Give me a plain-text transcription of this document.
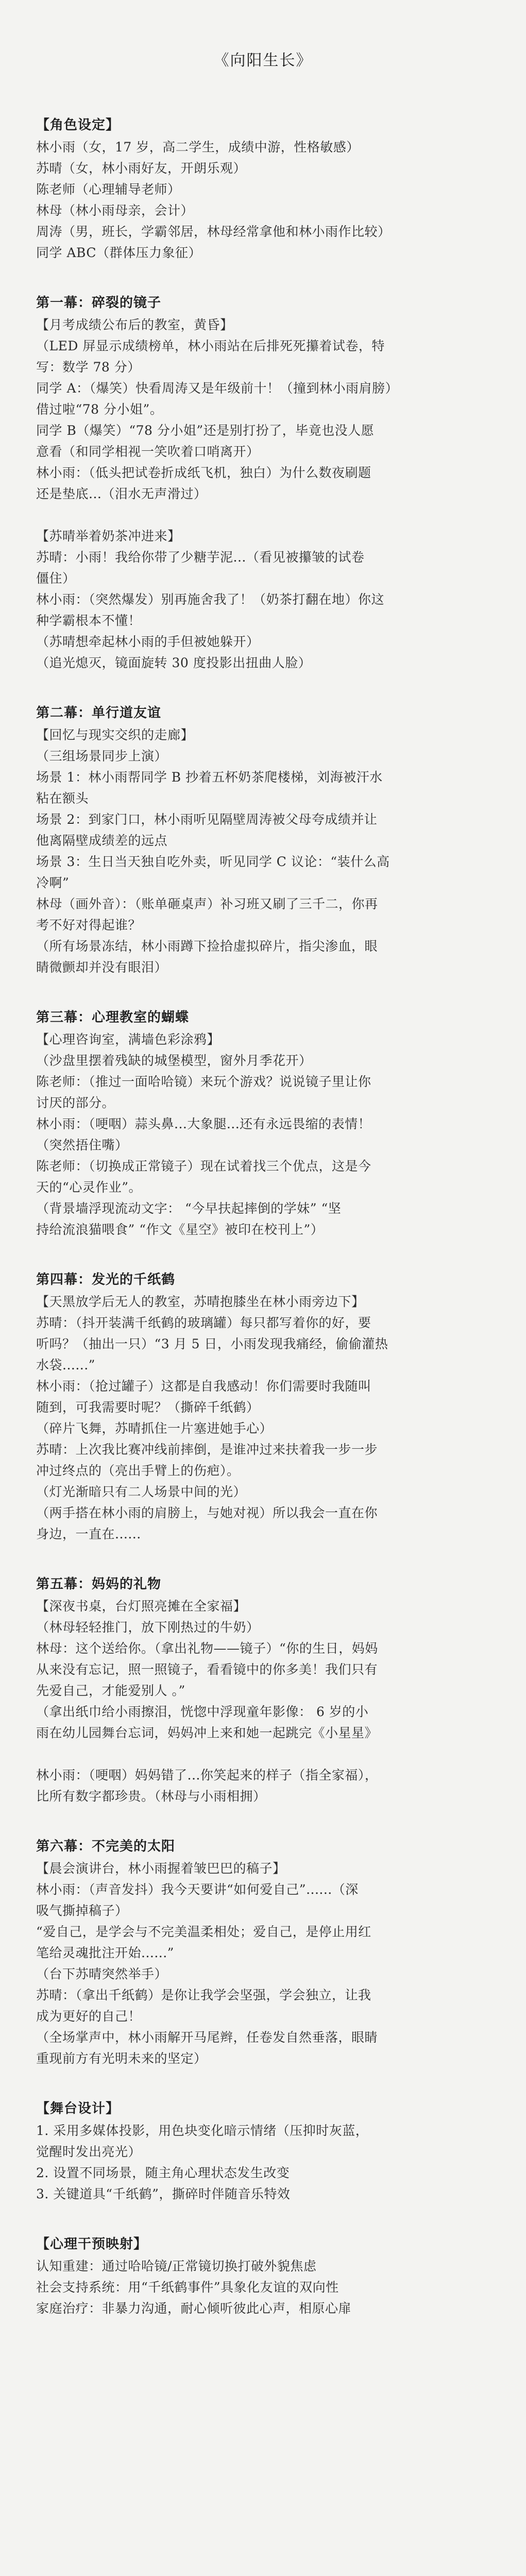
《向阳生长》
【角色设定】
林小雨（女，17 岁，高二学生，成绩中游，性格敏感）
苏晴（女，林小雨好友，开朗乐观）
陈老师（心理辅导老师）
林母（林小雨母亲，会计）
周涛（男，班长，学霸邻居，林母经常拿他和林小雨作比较）
同学 ABC（群体压力象征）
第一幕：碎裂的镜子
【月考成绩公布后的教室，黄昏】
（LED 屏显示成绩榜单，林小雨站在后排死死攥着试卷，特
写：数学 78 分）
同学 A：（爆笑）快看周涛又是年级前十！（撞到林小雨肩膀）
借过啦“78 分小姐”。
同学 B（爆笑）“78 分小姐”还是别打扮了，毕竟也没人愿
意看（和同学相视一笑吹着口哨离开）
林小雨：（低头把试卷折成纸飞机，独白）为什么数夜刷题
还是垫底...（泪水无声滑过）
【苏晴举着奶茶冲进来】
苏晴：小雨！我给你带了少糖芋泥...（看见被攥皱的试卷
僵住）
林小雨：（突然爆发）别再施舍我了！（奶茶打翻在地）你这
种学霸根本不懂！
（苏晴想牵起林小雨的手但被她躲开）
（追光熄灭，镜面旋转 30 度投影出扭曲人脸）
第二幕：单行道友谊
【回忆与现实交织的走廊】
（三组场景同步上演）
场景 1：林小雨帮同学 B 抄着五杯奶茶爬楼梯，刘海被汗水
粘在额头
场景 2：到家门口，林小雨听见隔壁周涛被父母夸成绩并让
他离隔壁成绩差的远点
场景 3：生日当天独自吃外卖，听见同学 C 议论：“装什么高
冷啊”
林母（画外音）：（账单砸桌声）补习班又刷了三千二，你再
考不好对得起谁？
（所有场景冻结，林小雨蹲下捡拾虚拟碎片，指尖渗血，眼
睛微颤却并没有眼泪）
第三幕：心理教室的蝴蝶
【心理咨询室，满墙色彩涂鸦】
（沙盘里摆着残缺的城堡模型，窗外月季花开）
陈老师：（推过一面哈哈镜）来玩个游戏？说说镜子里让你
讨厌的部分。
林小雨：（哽咽）蒜头鼻...大象腿...还有永远畏缩的表情！
（突然捂住嘴）
陈老师：（切换成正常镜子）现在试着找三个优点，这是今
天的“心灵作业”。
（背景墙浮现流动文字： “今早扶起摔倒的学妹” “坚
持给流浪猫喂食” “作文《星空》被印在校刊上”）
第四幕：发光的千纸鹤
【天黑放学后无人的教室，苏晴抱膝坐在林小雨旁边下】
苏晴：（抖开装满千纸鹤的玻璃罐）每只都写着你的好，要
听吗？（抽出一只）“3 月 5 日，小雨发现我痛经，偷偷灌热
水袋......”
林小雨：（抢过罐子）这都是自我感动！你们需要时我随叫
随到，可我需要时呢？（撕碎千纸鹤）
（碎片飞舞，苏晴抓住一片塞进她手心）
苏晴：上次我比赛冲线前摔倒，是谁冲过来扶着我一步一步
冲过终点的（亮出手臂上的伤疤）。
（灯光渐暗只有二人场景中间的光）
（两手搭在林小雨的肩膀上，与她对视）所以我会一直在你
身边，一直在......
第五幕：妈妈的礼物
【深夜书桌，台灯照亮摊在全家福】
（林母轻轻推门，放下刚热过的牛奶）
林母：这个送给你。（拿出礼物——镜子）“你的生日，妈妈
从来没有忘记，照一照镜子，看看镜中的你多美！我们只有
先爱自己，才能爱别人 。”
（拿出纸巾给小雨擦泪，恍惚中浮现童年影像： 6 岁的小
雨在幼儿园舞台忘词，妈妈冲上来和她一起跳完《小星星》
林小雨：（哽咽）妈妈错了...你笑起来的样子（指全家福），
比所有数字都珍贵。（林母与小雨相拥）
第六幕：不完美的太阳
【晨会演讲台，林小雨握着皱巴巴的稿子】
林小雨：（声音发抖）我今天要讲“如何爱自己”......（深
吸气撕掉稿子）
“爱自己，是学会与不完美温柔相处；爱自己，是停止用红
笔给灵魂批注开始......”
（台下苏晴突然举手）
苏晴：（拿出千纸鹤）是你让我学会坚强，学会独立，让我
成为更好的自己！
（全场掌声中，林小雨解开马尾辫，任卷发自然垂落，眼睛
重现前方有光明未来的坚定）
【舞台设计】
1. 采用多媒体投影，用色块变化暗示情绪（压抑时灰蓝，
觉醒时发出亮光）
2. 设置不同场景，随主角心理状态发生改变
3. 关键道具“千纸鹤”，撕碎时伴随音乐特效
【心理干预映射】
认知重建：通过哈哈镜/正常镜切换打破外貌焦虑
社会支持系统：用“千纸鹤事件”具象化友谊的双向性
家庭治疗：非暴力沟通，耐心倾听彼此心声，相原心扉
